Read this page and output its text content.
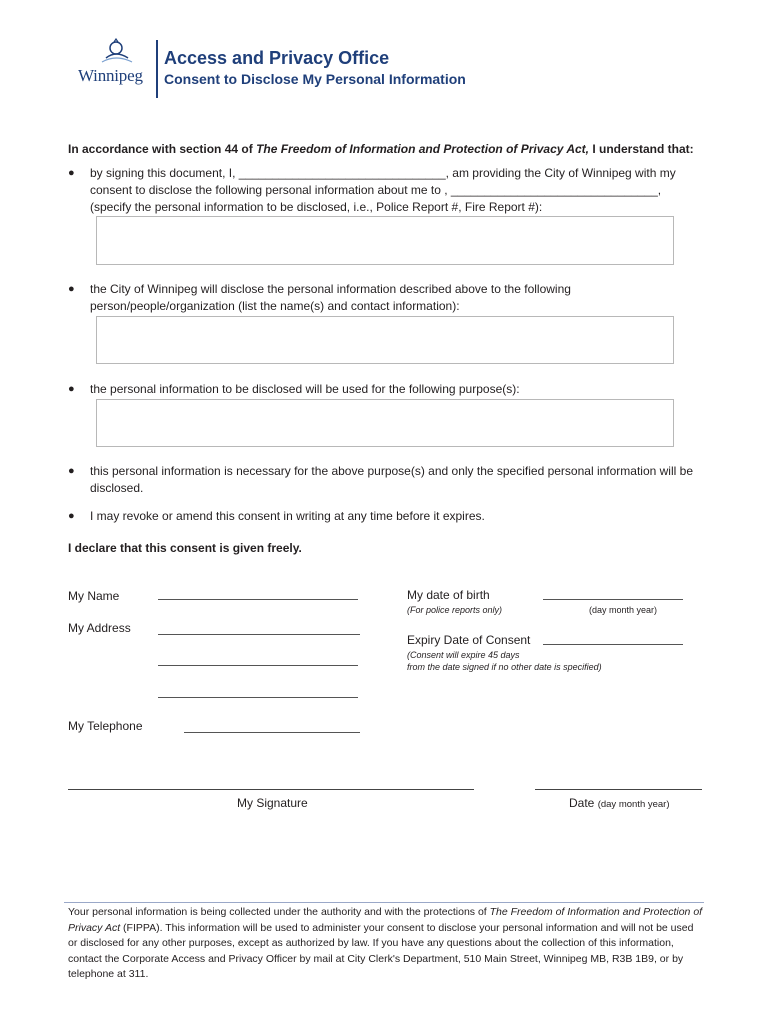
Winnipeg
Access and Privacy Office
Consent to Disclose My Personal Information
In accordance with section 44 of The Freedom of Information and Protection of Privacy Act, I understand that:
● by signing this document, I, _______________________________, am providing the City of Winnipeg with my
consent to disclose the following personal information about me to , _______________________________,
(specify the personal information to be disclosed, i.e., Police Report #, Fire Report #):
● the City of Winnipeg will disclose the personal information described above to the following
person/people/organization (list the name(s) and contact information):
● the personal information to be disclosed will be used for the following purpose(s):
● this personal information is necessary for the above purpose(s) and only the specified personal information will be
disclosed.
● I may revoke or amend this consent in writing at any time before it expires.
I declare that this consent is given freely.
My Name
My Address
My Telephone
My date of birth
(For police reports only)	(day month year)
Expiry Date of Consent
(Consent will expire 45 days
from the date signed if no other date is specified)
My Signature	Date (day month year)
Your personal information is being collected under the authority and with the protections of The Freedom of Information and Protection of Privacy Act (FIPPA). This information will be used to administer your consent to disclose your personal information and will not be used or disclosed for any other purposes, except as authorized by law. If you have any questions about the collection of this information, contact the Corporate Access and Privacy Officer by mail at City Clerk's Department, 510 Main Street, Winnipeg MB, R3B 1B9, or by telephone at 311.
